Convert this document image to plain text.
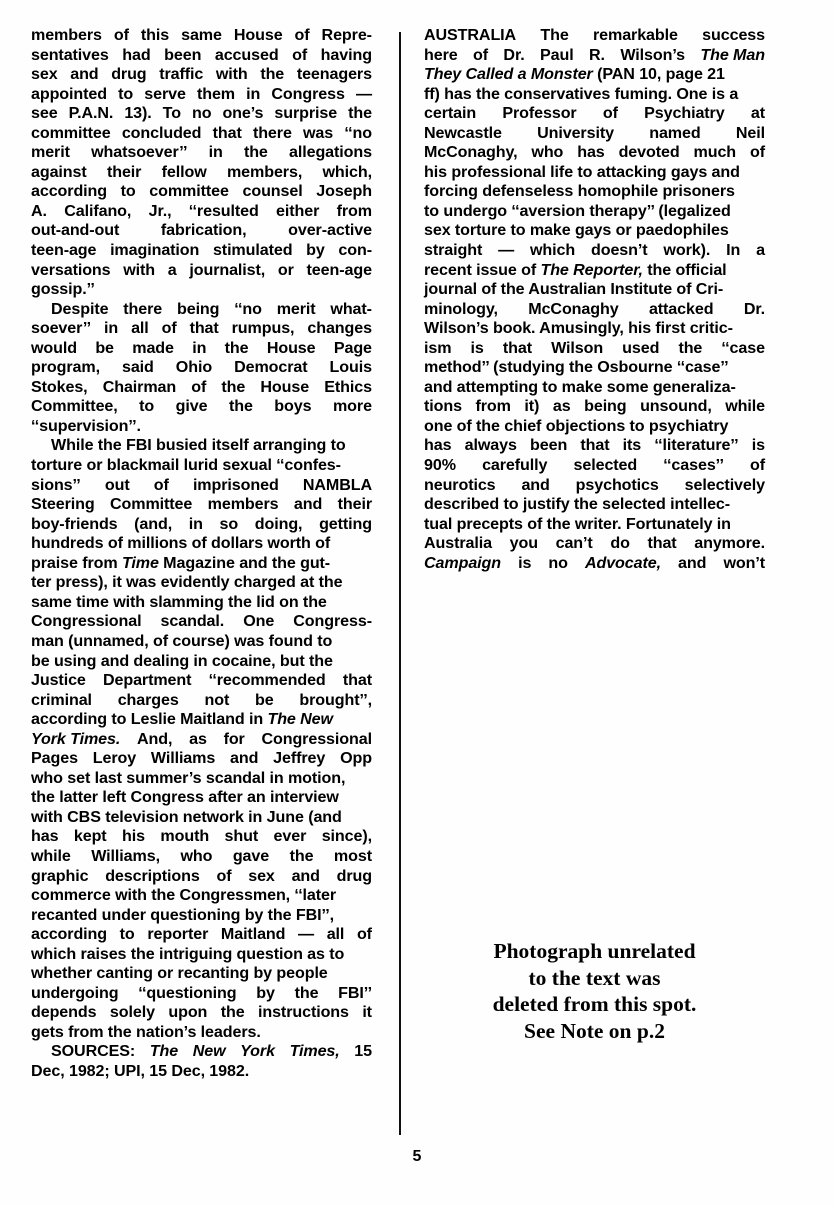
members of this same House of Repre-
sentatives had been accused of having
sex and drug traffic with the teenagers
appointed to serve them in Congress —
see P.A.N. 13). To no one’s surprise the
committee concluded that there was ‘‘no
merit whatsoever’’ in the allegations
against their fellow members, which,
according to committee counsel Joseph
A. Califano, Jr., ‘‘resulted either from
out-and-out	fabrication,	over-active
teen-age imagination stimulated by con-
versations with a journalist, or teen-age
gossip.’’

Despite there being ‘‘no merit what-
soever’’ in all of that rumpus, changes
would be made in the House Page
program, said Ohio Democrat Louis
Stokes, Chairman of the House Ethics
Committee, to give the boys more
‘‘supervision’’.

While the FBI busied itself arranging to
torture or blackmail lurid sexual ‘‘confes-
sions’’ out of imprisoned NAMBLA
Steering Committee members and their
boy-friends (and, in so doing, getting
hundreds of millions of dollars worth of
praise from Time Magazine and the gut-
ter press), it was evidently charged at the
same time with slamming the lid on the
Congressional scandal. One Congress-
man (unnamed, of course) was found to
be using and dealing in cocaine, but the
Justice Department ‘‘recommended that
criminal charges not be brought’’,
according to Leslie Maitland in The New
York Times. And, as for Congressional
Pages Leroy Williams and Jeffrey Opp
who set last summer’s scandal in motion,
the latter left Congress after an interview
with CBS television network in June (and
has kept his mouth shut ever since),
while Williams, who gave the most
graphic descriptions of sex and drug
commerce with the Congressmen, ‘‘later
recanted under questioning by the FBI’’,
according to reporter Maitland — all of
which raises the intriguing question as to
whether canting or recanting by people
undergoing ‘‘questioning by the FBI’’
depends solely upon the instructions it
gets from the nation’s leaders.

SOURCES: The New York Times, 15
Dec, 1982; UPI, 15 Dec, 1982.

AUSTRALIA The remarkable success
here of Dr. Paul R. Wilson’s The Man
They Called a Monster (PAN 10, page 21
ff) has the conservatives fuming. One is a
certain Professor of Psychiatry at
Newcastle University named Neil
McConaghy, who has devoted much of
his professional life to attacking gays and
forcing defenseless homophile prisoners
to undergo ‘‘aversion therapy’’ (legalized
sex torture to make gays or paedophiles
straight — which doesn’t work). In a
recent issue of The Reporter, the official
journal of the Australian Institute of Cri-
minology, McConaghy attacked Dr.
Wilson’s book. Amusingly, his first critic-
ism is that Wilson used the ‘‘case
method’’ (studying the Osbourne ‘‘case’’
and attempting to make some generaliza-
tions from it) as being unsound, while
one of the chief objections to psychiatry
has always been that its ‘‘literature’’ is
90% carefully selected ‘‘cases’’ of
neurotics and psychotics selectively
described to justify the selected intellec-
tual precepts of the writer. Fortunately in
Australia you can’t do that anymore.
Campaign is no Advocate, and won’t

Photograph unrelated
to the text was
deleted from this spot.
See Note on p.2
5
